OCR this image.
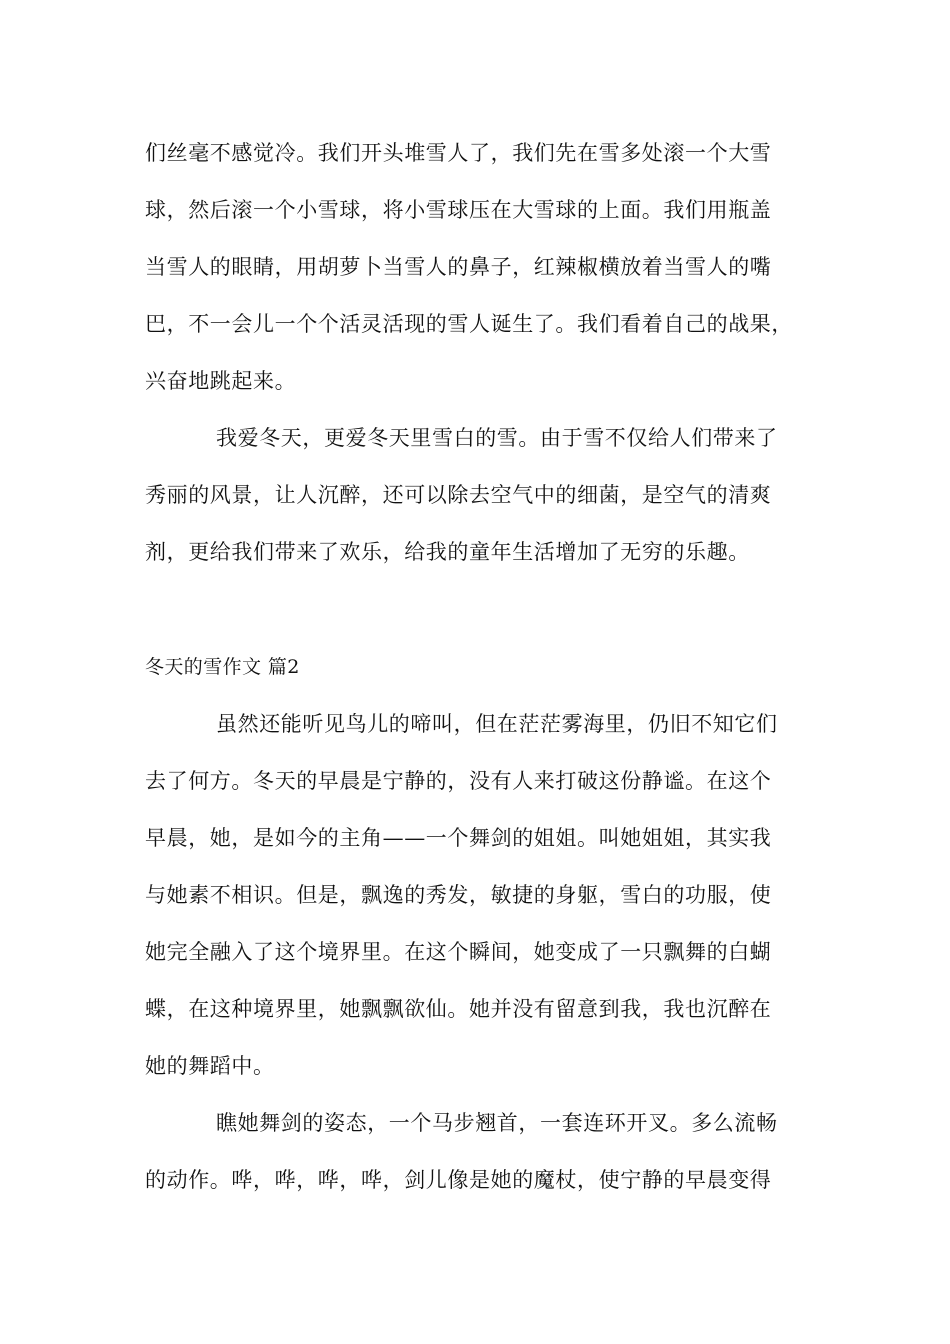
们丝毫不感觉冷。我们开头堆雪人了，我们先在雪多处滚一个大雪
球，然后滚一个小雪球，将小雪球压在大雪球的上面。我们用瓶盖
当雪人的眼睛，用胡萝卜当雪人的鼻子，红辣椒横放着当雪人的嘴
巴，不一会儿一个个活灵活现的雪人诞生了。我们看着自己的战果，
兴奋地跳起来。
我爱冬天，更爱冬天里雪白的雪。由于雪不仅给人们带来了
秀丽的风景，让人沉醉，还可以除去空气中的细菌，是空气的清爽
剂，更给我们带来了欢乐，给我的童年生活增加了无穷的乐趣。
冬天的雪作文 篇2
虽然还能听见鸟儿的啼叫，但在茫茫雾海里，仍旧不知它们
去了何方。冬天的早晨是宁静的，没有人来打破这份静谧。在这个
早晨，她，是如今的主角——一个舞剑的姐姐。叫她姐姐，其实我
与她素不相识。但是，飘逸的秀发，敏捷的身躯，雪白的功服，使
她完全融入了这个境界里。在这个瞬间，她变成了一只飘舞的白蝴
蝶，在这种境界里，她飘飘欲仙。她并没有留意到我，我也沉醉在
她的舞蹈中。
瞧她舞剑的姿态，一个马步翘首，一套连环开叉。多么流畅
的动作。哗，哗，哗，哗，剑儿像是她的魔杖，使宁静的早晨变得
